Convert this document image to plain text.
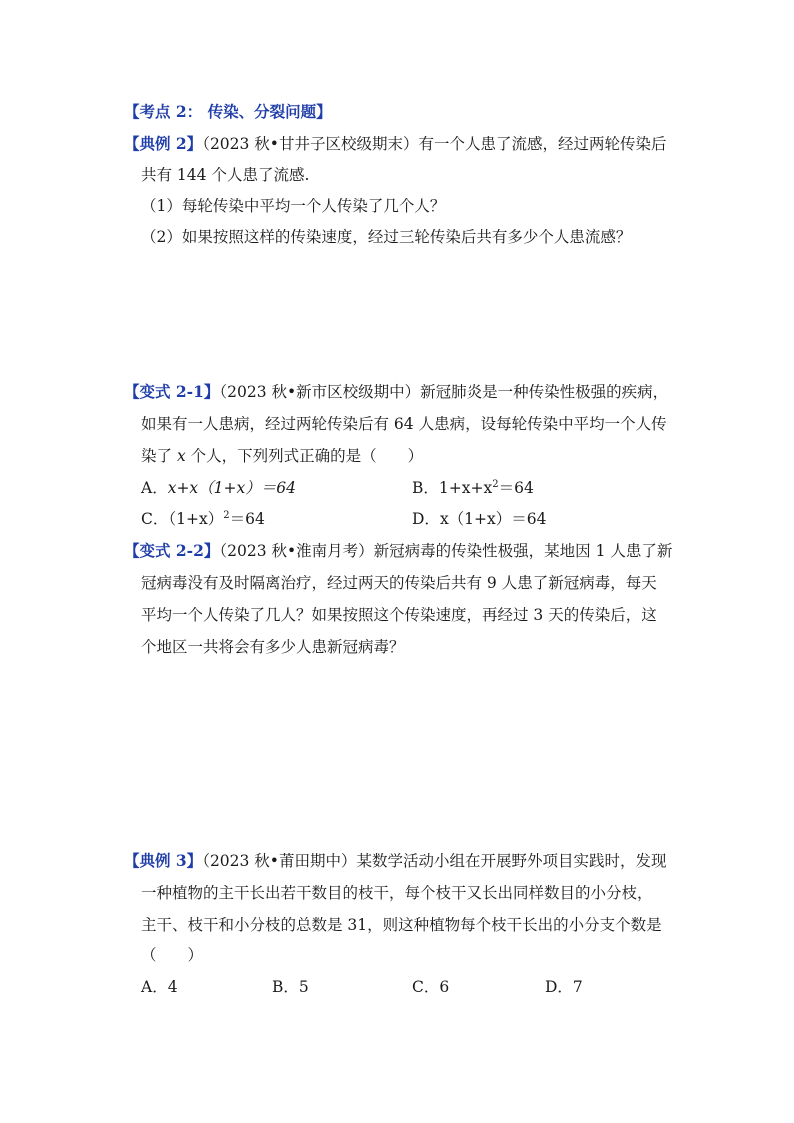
【考点 2： 传染、分裂问题】
【典例 2】（2023 秋•甘井子区校级期末）有一个人患了流感，经过两轮传染后
共有 144 个人患了流感.
（1）每轮传染中平均一个人传染了几个人？
（2）如果按照这样的传染速度，经过三轮传染后共有多少个人患流感？
【变式 2-1】（2023 秋•新市区校级期中）新冠肺炎是一种传染性极强的疾病，
如果有一人患病，经过两轮传染后有 64 人患病，设每轮传染中平均一个人传
染了 x 个人，下列列式正确的是（　　）
A．x+x（1+x）＝64	B．$1+x+x^2=64$
C．$(1+x)^2=64$	D．x（1+x）＝64
【变式 2-2】（2023 秋•淮南月考）新冠病毒的传染性极强，某地因 1 人患了新
冠病毒没有及时隔离治疗，经过两天的传染后共有 9 人患了新冠病毒，每天
平均一个人传染了几人？如果按照这个传染速度，再经过 3 天的传染后，这
个地区一共将会有多少人患新冠病毒？
【典例 3】（2023 秋•莆田期中）某数学活动小组在开展野外项目实践时，发现
一种植物的主干长出若干数目的枝干，每个枝干又长出同样数目的小分枝，
主干、枝干和小分枝的总数是 31，则这种植物每个枝干长出的小分支个数是
（　　）
A．4	B．5	C．6	D．7
